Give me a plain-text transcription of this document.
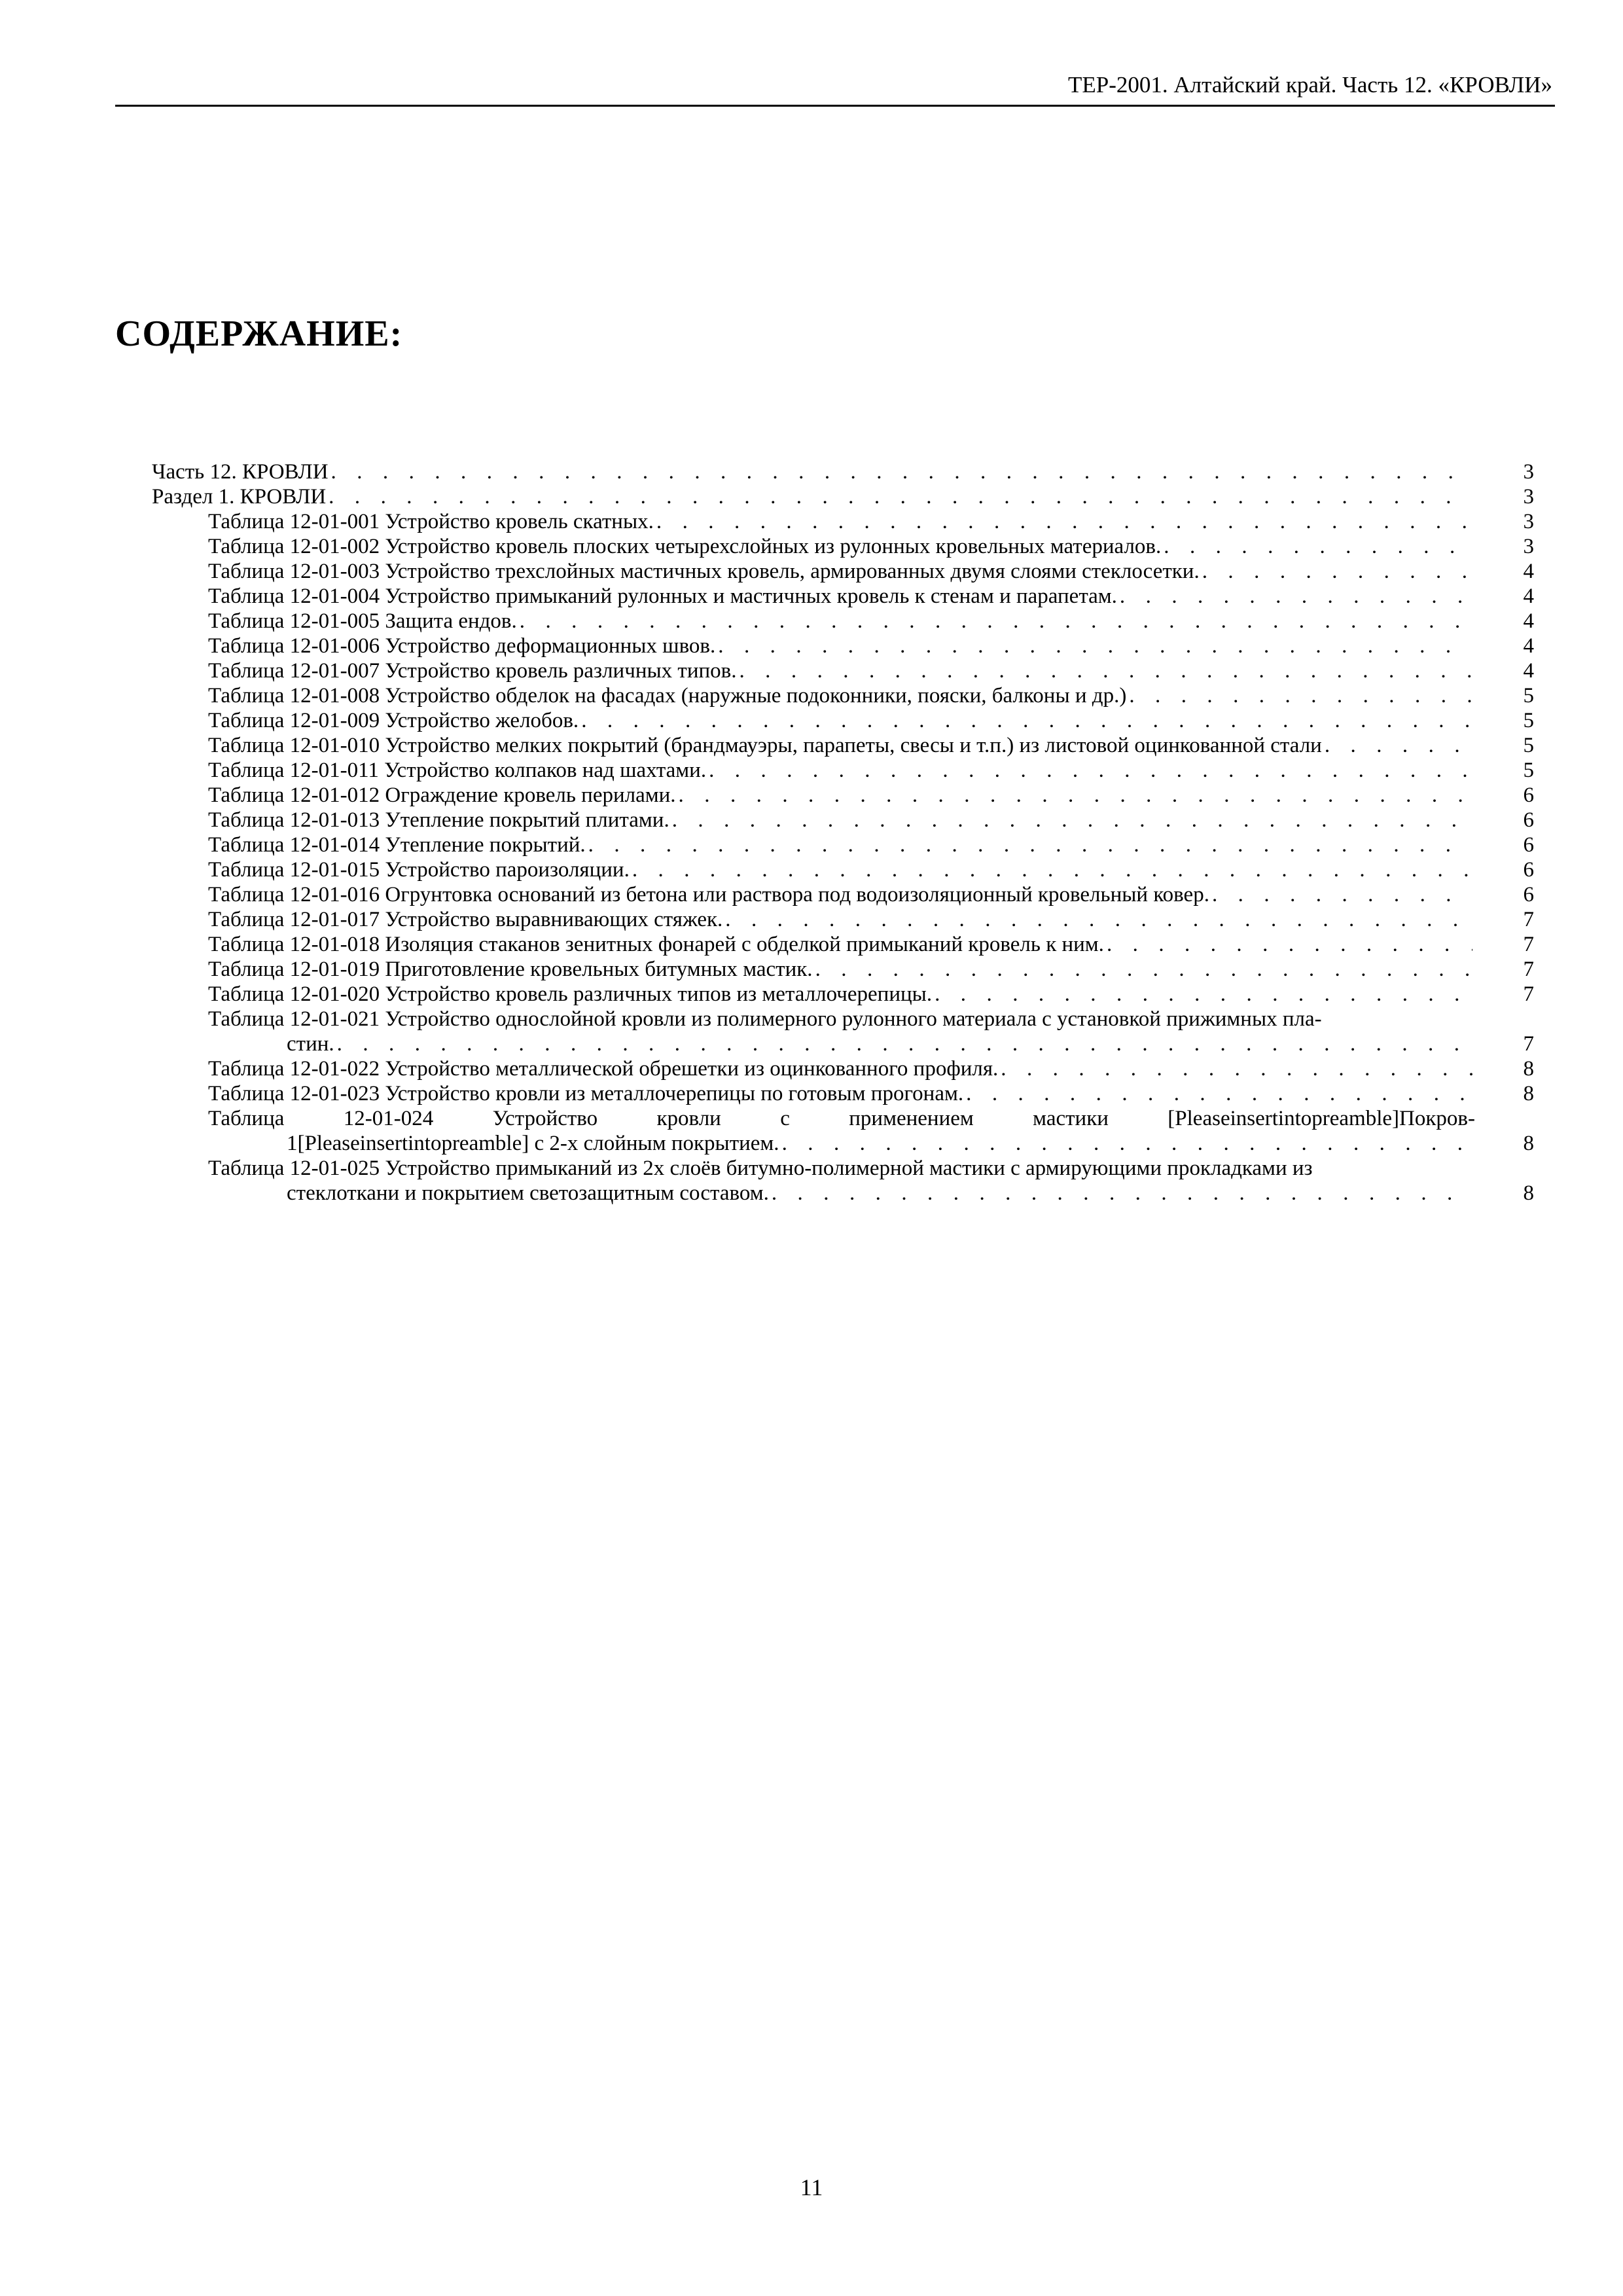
ТЕР-2001. Алтайский край. Часть 12. «КРОВЛИ»
СОДЕРЖАНИЕ:
Часть 12. КРОВЛИ . . .	3
Раздел 1. КРОВЛИ . . .	3
Таблица 12-01-001 Устройство кровель скатных. . . .	3
Таблица 12-01-002 Устройство кровель плоских четырехслойных из рулонных кровельных материалов. . . .	3
Таблица 12-01-003 Устройство трехслойных мастичных кровель, армированных двумя слоями стеклосетки. . . .	4
Таблица 12-01-004 Устройство примыканий рулонных и мастичных кровель к стенам и парапетам. . . .	4
Таблица 12-01-005 Защита ендов. . . .	4
Таблица 12-01-006 Устройство деформационных швов. . . .	4
Таблица 12-01-007 Устройство кровель различных типов. . . .	4
Таблица 12-01-008 Устройство обделок на фасадах (наружные подоконники, пояски, балконы и др.) . . .	5
Таблица 12-01-009 Устройство желобов. . . .	5
Таблица 12-01-010 Устройство мелких покрытий (брандмауэры, парапеты, свесы и т.п.) из листовой оцинкованной стали . . .	5
Таблица 12-01-011 Устройство колпаков над шахтами. . . .	5
Таблица 12-01-012 Ограждение кровель перилами. . . .	6
Таблица 12-01-013 Утепление покрытий плитами. . . .	6
Таблица 12-01-014 Утепление покрытий. . . .	6
Таблица 12-01-015 Устройство пароизоляции. . . .	6
Таблица 12-01-016 Огрунтовка оснований из бетона или раствора под водоизоляционный кровельный ковер. . . .	6
Таблица 12-01-017 Устройство выравнивающих стяжек. . . .	7
Таблица 12-01-018 Изоляция стаканов зенитных фонарей с обделкой примыканий кровель к ним. . . .	7
Таблица 12-01-019 Приготовление кровельных битумных мастик. . . .	7
Таблица 12-01-020 Устройство кровель различных типов из металлочерепицы. . . .	7
Таблица 12-01-021 Устройство однослойной кровли из полимерного рулонного материала с установкой прижимных пла-
стин. . . .	7
Таблица 12-01-022 Устройство металлической обрешетки из оцинкованного профиля. . . .	8
Таблица 12-01-023 Устройство кровли из металлочерепицы по готовым прогонам. . . .	8
Таблица	12-01-024	Устройство	кровли	с	применением	мастики	[Pleaseinsertintopreamble]Покров-
1[Pleaseinsertintopreamble] с 2-х слойным покрытием. . . .	8
Таблица 12-01-025 Устройство примыканий из 2х слоёв битумно-полимерной мастики с армирующими прокладками из
стеклоткани и покрытием светозащитным составом. . . .	8
11
